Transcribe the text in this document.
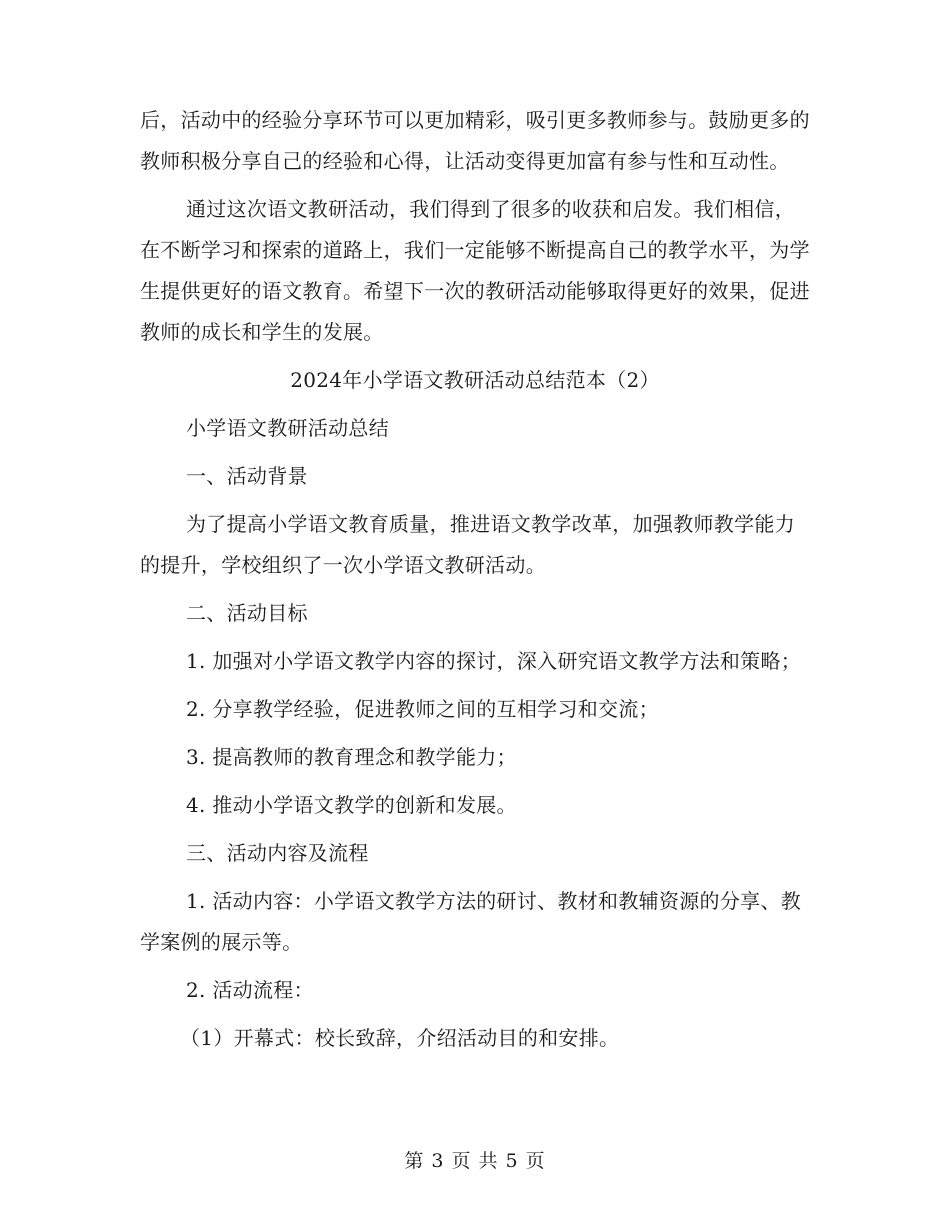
后，活动中的经验分享环节可以更加精彩，吸引更多教师参与。鼓励更多的教师积极分享自己的经验和心得，让活动变得更加富有参与性和互动性。

通过这次语文教研活动，我们得到了很多的收获和启发。我们相信，在不断学习和探索的道路上，我们一定能够不断提高自己的教学水平，为学生提供更好的语文教育。希望下一次的教研活动能够取得更好的效果，促进教师的成长和学生的发展。

2024年小学语文教研活动总结范本（2）

小学语文教研活动总结

一、活动背景

为了提高小学语文教育质量，推进语文教学改革，加强教师教学能力的提升，学校组织了一次小学语文教研活动。

二、活动目标

1. 加强对小学语文教学内容的探讨，深入研究语文教学方法和策略；

2. 分享教学经验，促进教师之间的互相学习和交流；

3. 提高教师的教育理念和教学能力；

4. 推动小学语文教学的创新和发展。

三、活动内容及流程

1. 活动内容：小学语文教学方法的研讨、教材和教辅资源的分享、教学案例的展示等。

2. 活动流程：

（1）开幕式：校长致辞，介绍活动目的和安排。

第 3 页 共 5 页
